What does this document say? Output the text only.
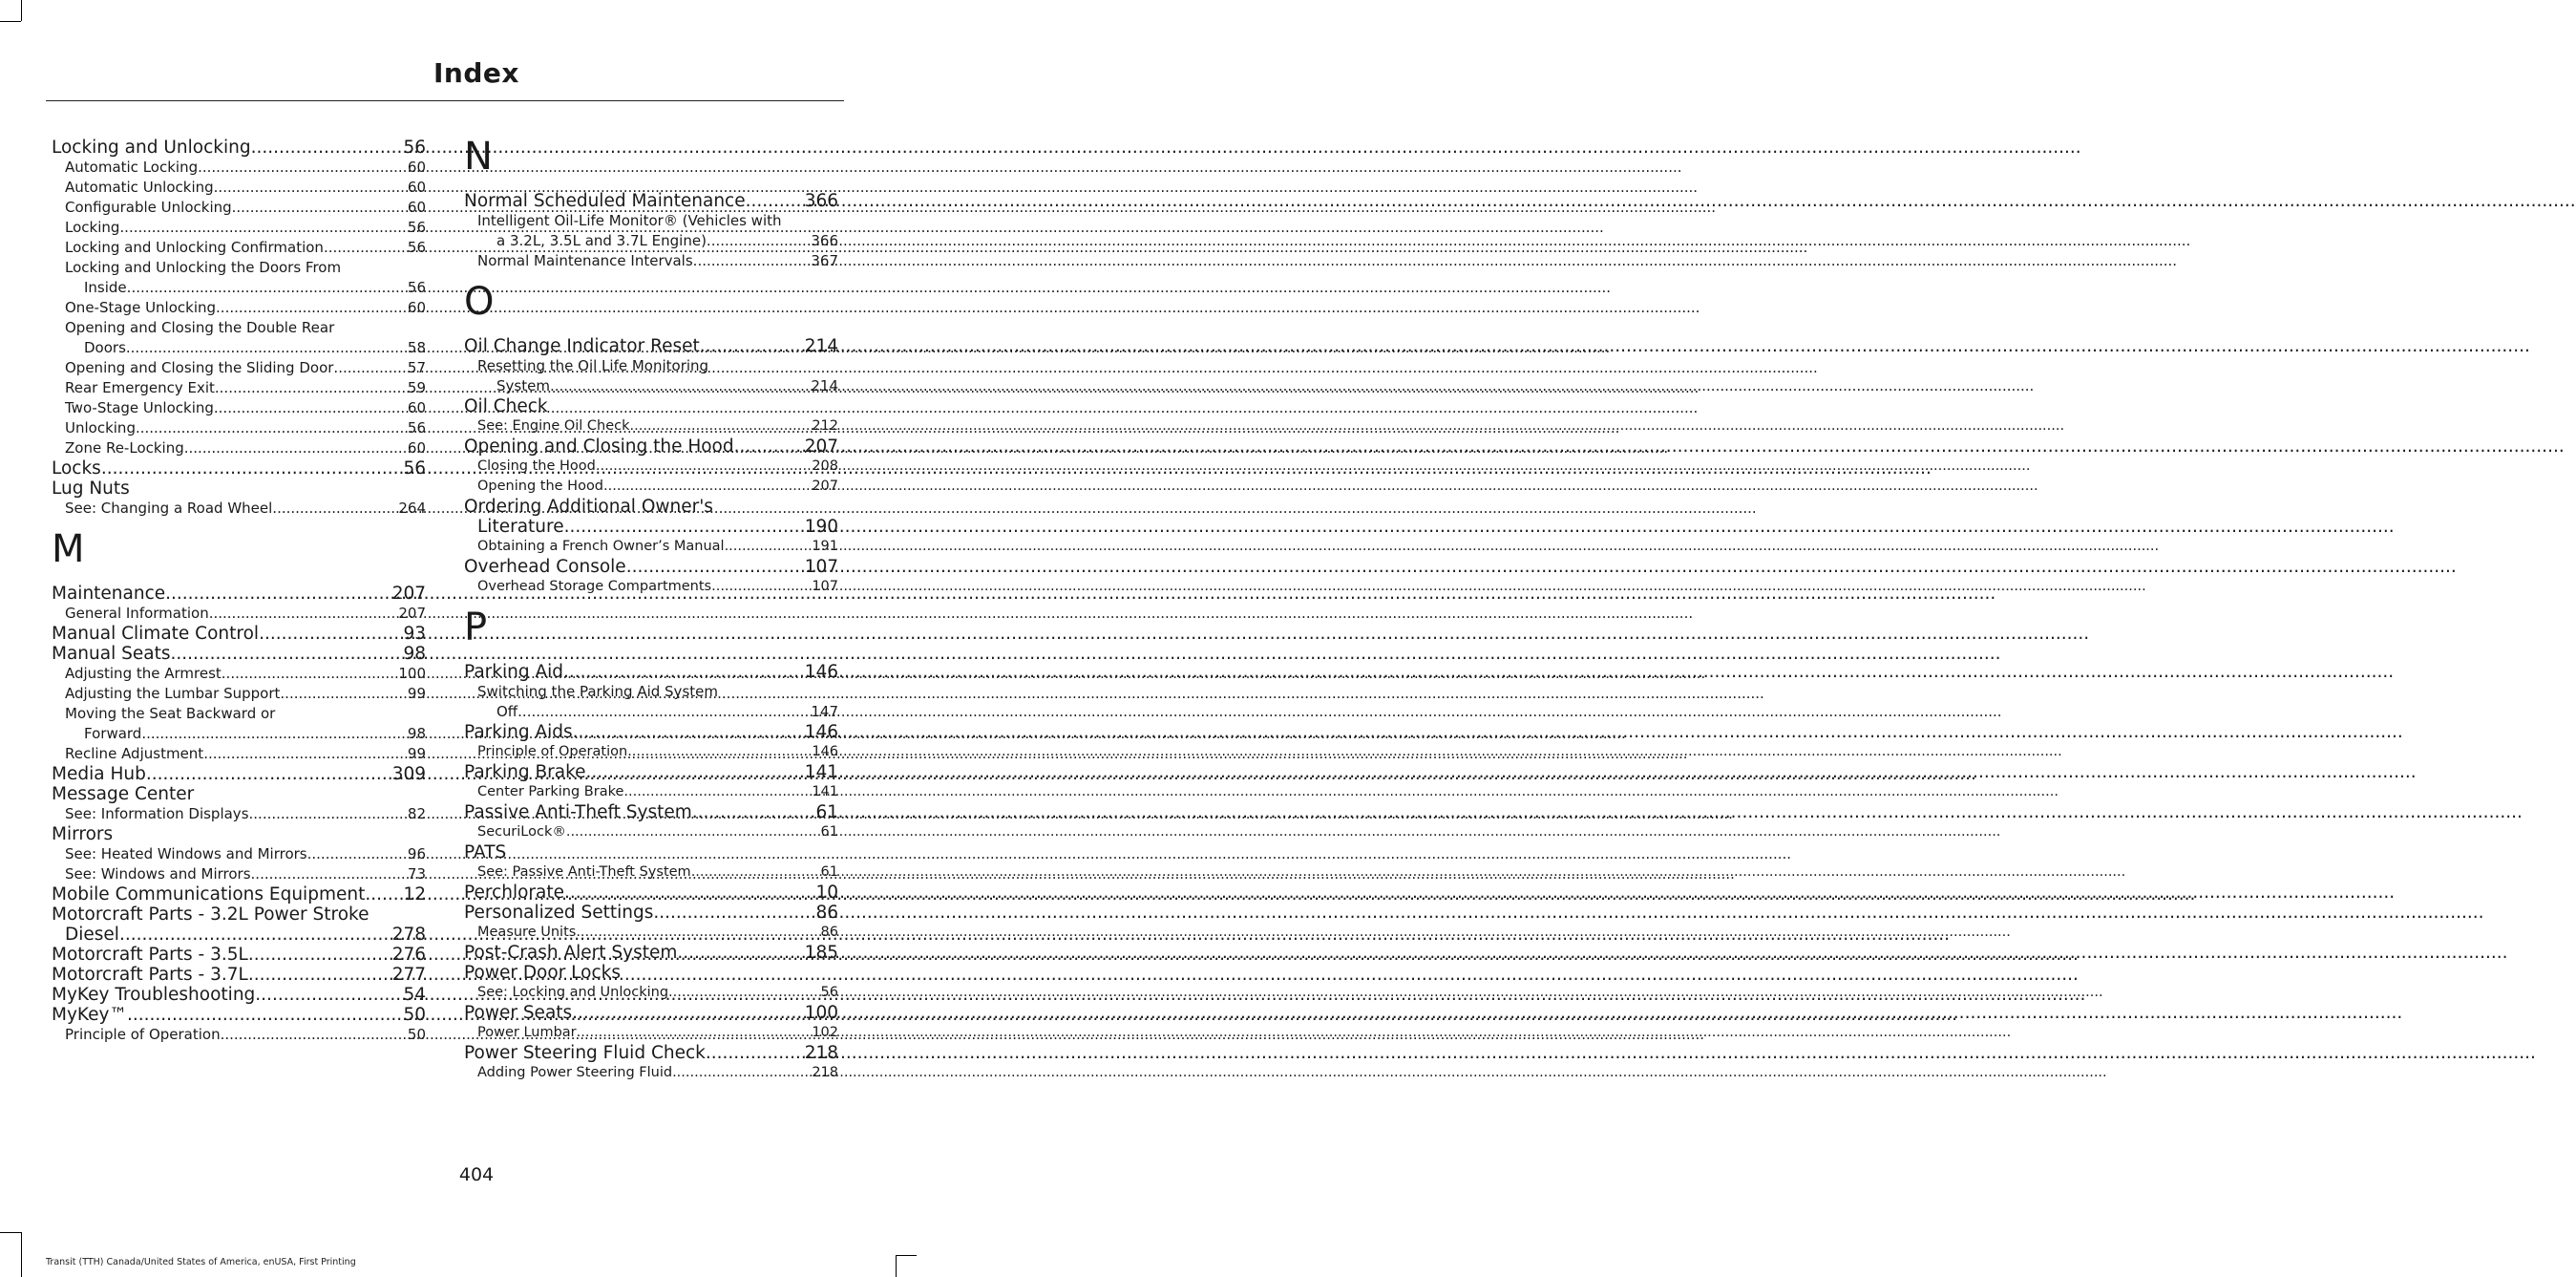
Index
Locking and Unlocking .....	56
Automatic Locking .....	60
Automatic Unlocking .....	60
Configurable Unlocking .....	60
Locking .....	56
Locking and Unlocking Confirmation .....	56
Locking and Unlocking the Doors From
Inside .....	56
One-Stage Unlocking .....	60
Opening and Closing the Double Rear
Doors .....	58
Opening and Closing the Sliding Door .....	57
Rear Emergency Exit .....	59
Two-Stage Unlocking .....	60
Unlocking .....	56
Zone Re-Locking .....	60
Locks .....	56
Lug Nuts
See: Changing a Road Wheel .....	264
M
Maintenance .....	207
General Information .....	207
Manual Climate Control .....	93
Manual Seats .....	98
Adjusting the Armrest .....	100
Adjusting the Lumbar Support .....	99
Moving the Seat Backward or
Forward .....	98
Recline Adjustment .....	99
Media Hub .....	309
Message Center
See: Information Displays .....	82
Mirrors
See: Heated Windows and Mirrors .....	96
See: Windows and Mirrors .....	73
Mobile Communications Equipment ..... 12
Motorcraft Parts - 3.2L Power Stroke
Diesel .....	278
Motorcraft Parts - 3.5L .....	276
Motorcraft Parts - 3.7L .....	277
MyKey Troubleshooting .....	54
MyKey™ .....	50
Principle of Operation .....	50
N
Normal Scheduled Maintenance .....	366
Intelligent Oil-Life Monitor® (Vehicles with
a 3.2L, 3.5L and 3.7L Engine) .....	366
Normal Maintenance Intervals .....	367
O
Oil Change Indicator Reset .....	214
Resetting the Oil Life Monitoring
System .....	214
Oil Check
See: Engine Oil Check .....	212
Opening and Closing the Hood .....	207
Closing the Hood .....	208
Opening the Hood .....	207
Ordering Additional Owner's
Literature .....	190
Obtaining a French Owner’s Manual .....	191
Overhead Console .....	107
Overhead Storage Compartments .....	107
P
Parking Aid .....	146
Switching the Parking Aid System
Off .....	147
Parking Aids .....	146
Principle of Operation .....	146
Parking Brake .....	141
Center Parking Brake .....	141
Passive Anti-Theft System .....	61
SecuriLock® .....	61
PATS
See: Passive Anti-Theft System .....	61
Perchlorate .....	10
Personalized Settings .....	86
Measure Units .....	86
Post-Crash Alert System .....	185
Power Door Locks
See: Locking and Unlocking .....	56
Power Seats .....	100
Power Lumbar .....	102
Power Steering Fluid Check .....	218
Adding Power Steering Fluid .....	218
404
Transit (TTH) Canada/United States of America, enUSA, First Printing
